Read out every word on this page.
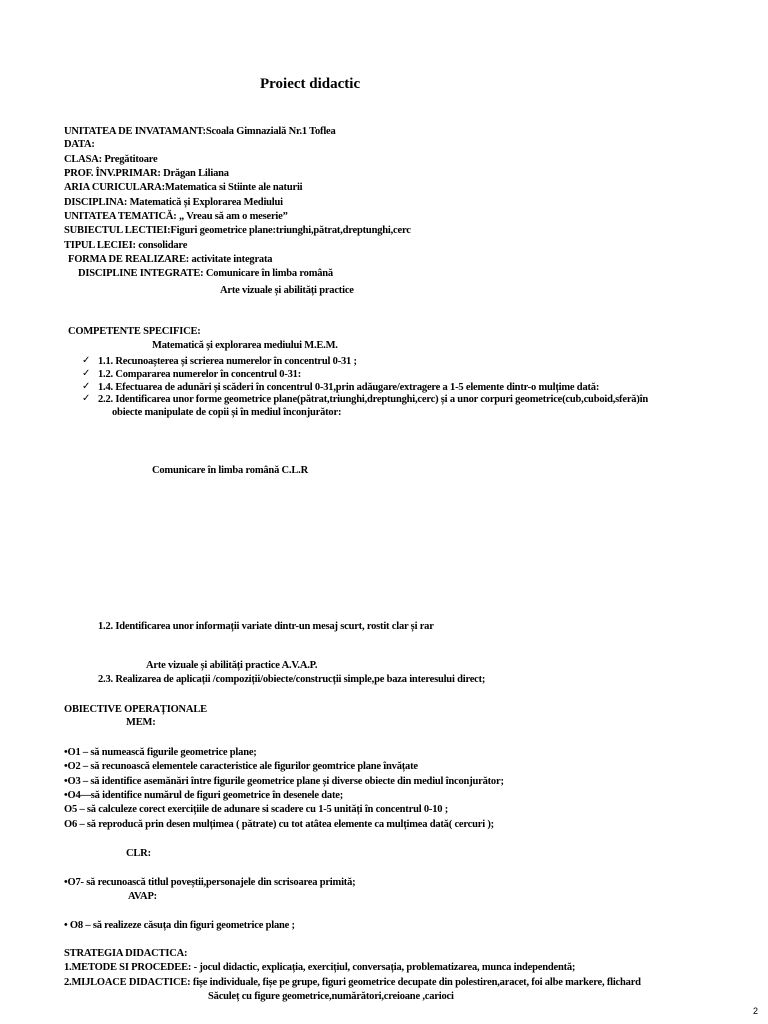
Proiect didactic
UNITATEA DE INVATAMANT:Scoala Gimnazială Nr.1 Toflea
DATA:
CLASA: Pregătitoare
PROF. ÎNV.PRIMAR: Drăgan Liliana
ARIA CURICULARA:Matematica si Stiinte ale naturii
DISCIPLINA: Matematică și Explorarea Mediului
UNITATEA TEMATICĂ: „ Vreau să am o meserie”
SUBIECTUL LECTIEI:Figuri geometrice plane:triunghi,pătrat,dreptunghi,cerc
TIPUL LECIEI: consolidare
FORMA DE REALIZARE: activitate integrata
DISCIPLINE INTEGRATE: Comunicare în limba română
Arte vizuale și abilități practice
COMPETENTE SPECIFICE:
Matematică și explorarea mediului M.E.M.
✓ 1.1. Recunoașterea și scrierea numerelor în concentrul 0-31 ;
✓ 1.2. Compararea numerelor în concentrul 0-31:
✓ 1.4. Efectuarea de adunări și scăderi în concentrul 0-31,prin adăugare/extragere a 1-5 elemente dintr-o mulțime dată:
✓ 2.2. Identificarea unor forme geometrice plane(pătrat,triunghi,dreptunghi,cerc) și a unor corpuri geometrice(cub,cuboid,sferă)în
obiecte manipulate de copii și în mediul înconjurător:
Comunicare în limba română C.L.R
1.2. Identificarea unor informații variate dintr-un mesaj scurt, rostit clar și rar
Arte vizuale și abilități practice A.V.A.P.
2.3. Realizarea de aplicații /compoziții/obiecte/construcții simple,pe baza interesului direct;
OBIECTIVE OPERAȚIONALE
MEM:
•O1 – să numească figurile geometrice plane;
•O2 – să recunoască elementele caracteristice ale figurilor geomtrice plane învățate
•O3 – să identifice asemănări între figurile geometrice plane și diverse obiecte din mediul înconjurător;
•O4—să identifice numărul de figuri geometrice în desenele date;
O5 – să calculeze corect exercițiile de adunare si scadere cu 1-5 unități în concentrul 0-10 ;
O6 – să reproducă prin desen mulțimea ( pătrate) cu tot atâtea elemente ca mulțimea dată( cercuri );
CLR:
•O7- să recunoască titlul poveștii,personajele din scrisoarea primită;
AVAP:
• O8 – să realizeze căsuța din figuri geometrice plane ;
STRATEGIA DIDACTICA:
1.METODE SI PROCEDEE: - jocul didactic, explicația, exercițiul, conversația, problematizarea, munca independentă;
2.MIJLOACE DIDACTICE: fișe individuale, fișe pe grupe, figuri geometrice decupate din polestiren,aracet, foi albe markere, flichard
Săculeț cu figure geometrice,numărători,creioane ,carioci
2
